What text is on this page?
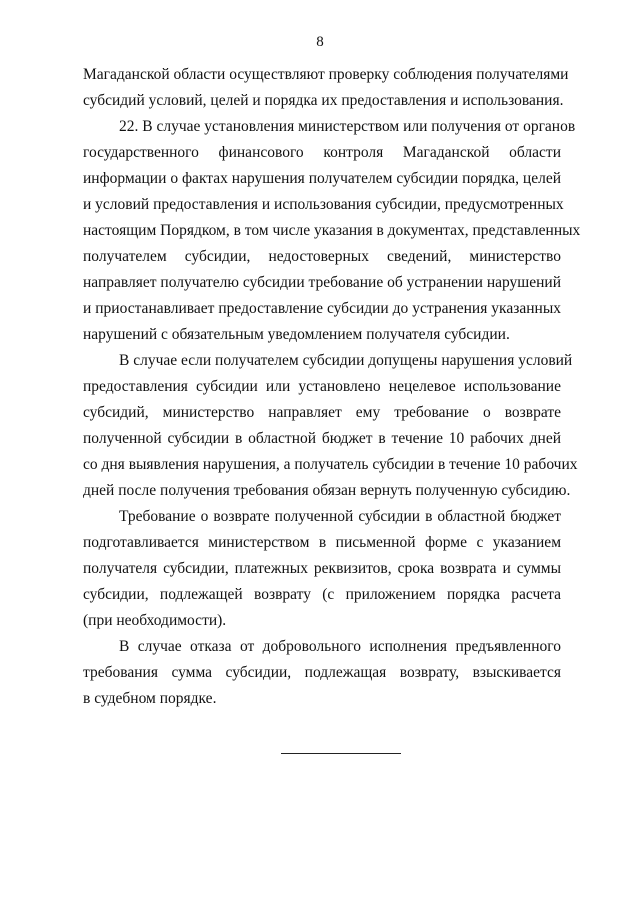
8
Магаданской области осуществляют проверку соблюдения получателями
субсидий условий, целей и порядка их предоставления и использования.
22. В случае установления министерством или получения от органов
государственного финансового контроля Магаданской области
информации о фактах нарушения получателем субсидии порядка, целей
и условий предоставления и использования субсидии, предусмотренных
настоящим Порядком, в том числе указания в документах, представленных
получателем субсидии, недостоверных сведений, министерство
направляет получателю субсидии требование об устранении нарушений
и приостанавливает предоставление субсидии до устранения указанных
нарушений с обязательным уведомлением получателя субсидии.
В случае если получателем субсидии допущены нарушения условий
предоставления субсидии или установлено нецелевое использование
субсидий, министерство направляет ему требование о возврате
полученной субсидии в областной бюджет в течение 10 рабочих дней
со дня выявления нарушения, а получатель субсидии в течение 10 рабочих
дней после получения требования обязан вернуть полученную субсидию.
Требование о возврате полученной субсидии в областной бюджет
подготавливается министерством в письменной форме с указанием
получателя субсидии, платежных реквизитов, срока возврата и суммы
субсидии, подлежащей возврату (с приложением порядка расчета
(при необходимости).
В случае отказа от добровольного исполнения предъявленного
требования сумма субсидии, подлежащая возврату, взыскивается
в судебном порядке.
